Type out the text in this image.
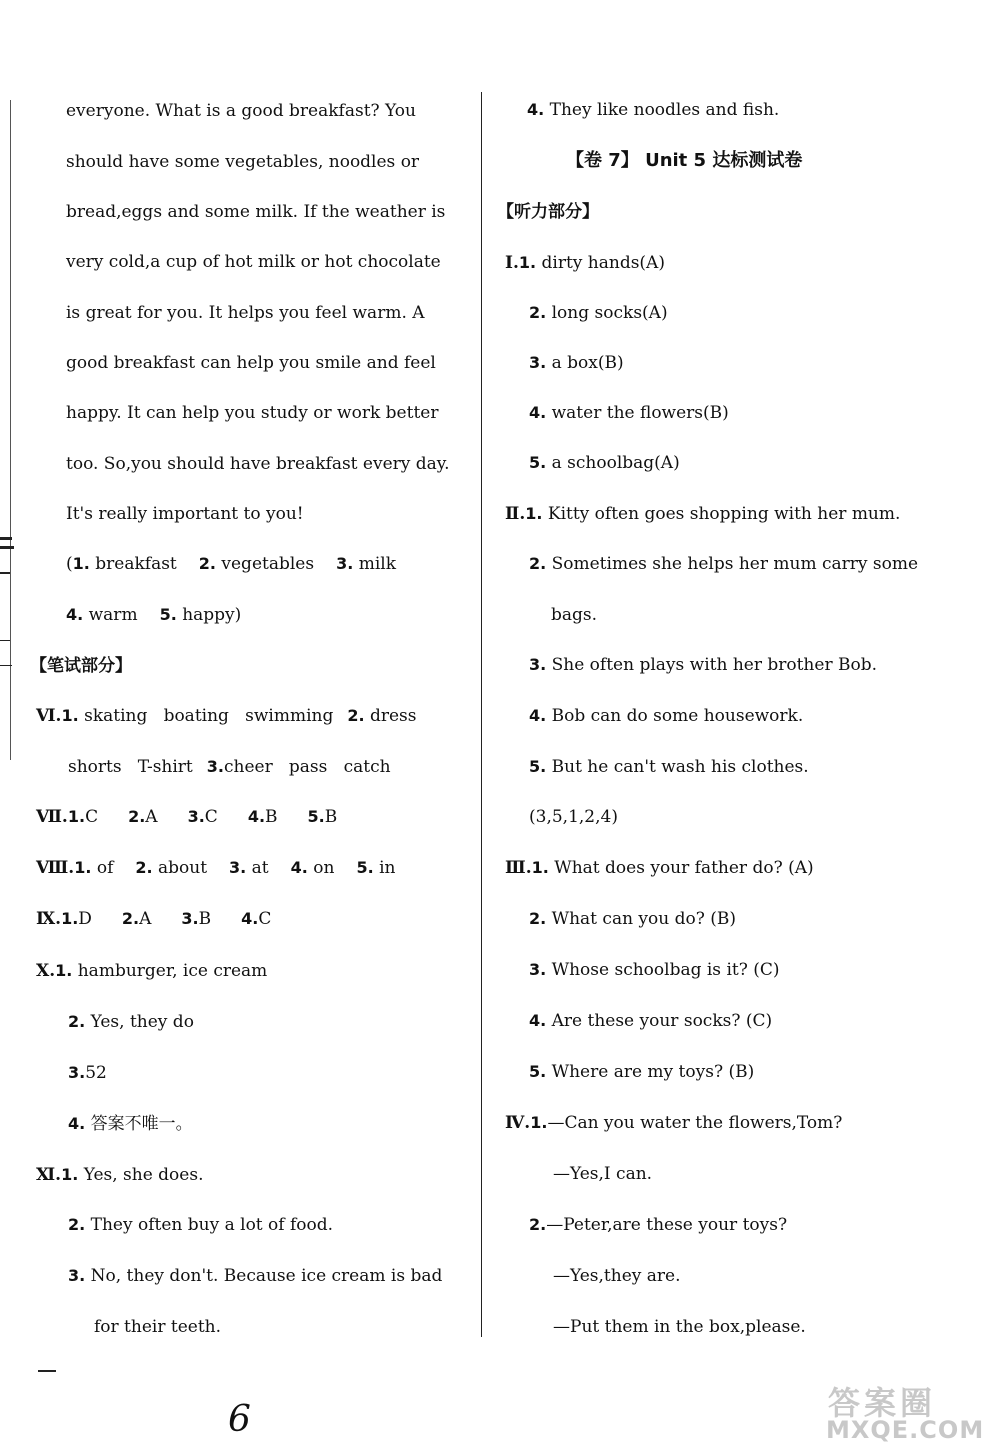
everyone. What is a good breakfast? You
should have some vegetables, noodles or
bread,eggs and some milk. If the weather is
very cold,a cup of hot milk or hot chocolate
is great for you. It helps you feel warm. A
good breakfast can help you smile and feel
happy. It can help you study or work better
too. So,you should have breakfast every day.
It's really important to you!
(1. breakfast 2. vegetables 3. milk
4. warm 5. happy)
【笔试部分】
Ⅵ.1. skating   boating   swimming 2. dress
shorts   T-shirt 3.cheer   pass   catch
Ⅶ.1.C 2.A 3.C 4.B 5.B
Ⅷ.1. of 2. about 3. at 4. on 5. in
Ⅸ.1.D 2.A 3.B 4.C
Ⅹ.1. hamburger, ice cream
2. Yes, they do
3.52
4. 答案不唯一。
Ⅺ.1. Yes, she does.
2. They often buy a lot of food.
3. No, they don't. Because ice cream is bad
for their teeth.
6
4. They like noodles and fish.
【卷 7】 Unit 5 达标测试卷
【听力部分】
Ⅰ.1. dirty hands(A)
2. long socks(A)
3. a box(B)
4. water the flowers(B)
5. a schoolbag(A)
Ⅱ.1. Kitty often goes shopping with her mum.
2. Sometimes she helps her mum carry some
bags.
3. She often plays with her brother Bob.
4. Bob can do some housework.
5. But he can't wash his clothes.
(3,5,1,2,4)
Ⅲ.1. What does your father do? (A)
2. What can you do? (B)
3. Whose schoolbag is it? (C)
4. Are these your socks? (C)
5. Where are my toys? (B)
Ⅳ.1.—Can you water the flowers,Tom?
—Yes,I can.
2.—Peter,are these your toys?
—Yes,they are.
—Put them in the box,please.
答案圈
MXQE.COM
